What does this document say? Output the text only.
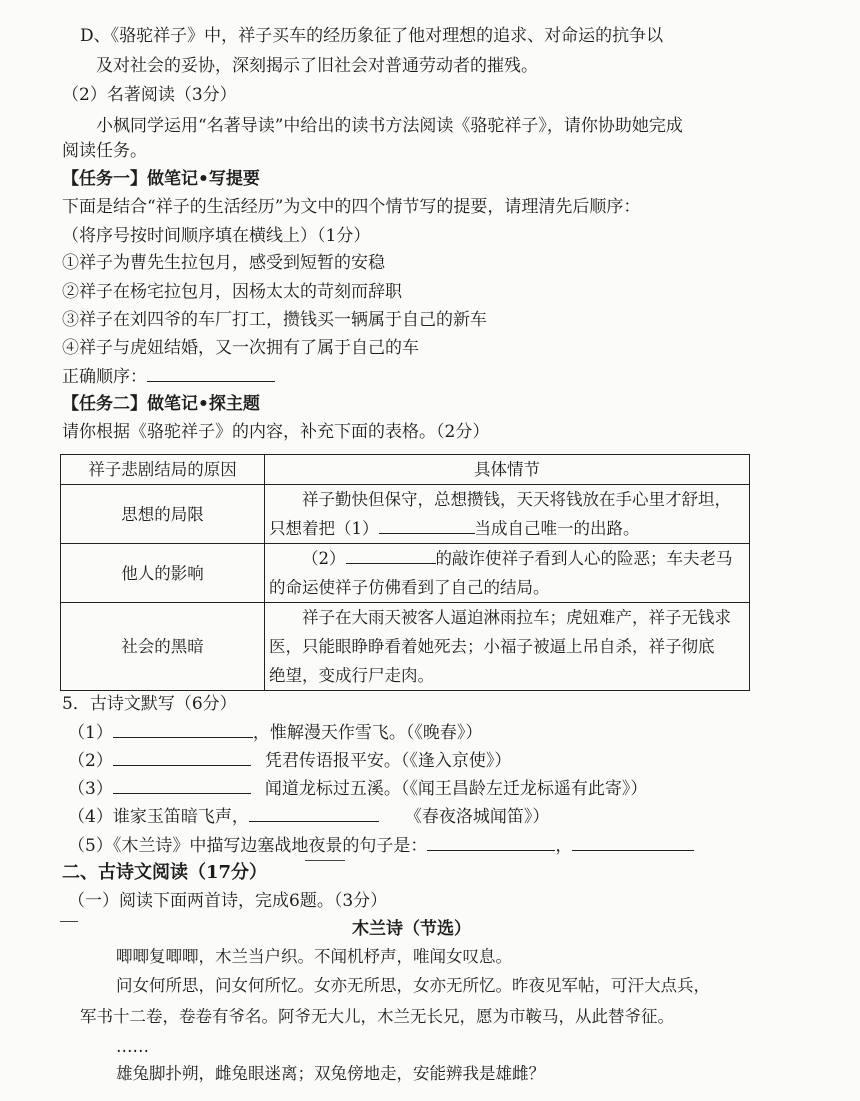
D、《骆驼祥子》中，祥子买车的经历象征了他对理想的追求、对命运的抗争以
及对社会的妥协，深刻揭示了旧社会对普通劳动者的摧残。
（2）名著阅读（3分）
小枫同学运用“名著导读”中给出的读书方法阅读《骆驼祥子》，请你协助她完成
阅读任务。
【任务一】做笔记•写提要
下面是结合“祥子的生活经历”为文中的四个情节写的提要，请理清先后顺序：
（将序号按时间顺序填在横线上）（1分）
①祥子为曹先生拉包月，感受到短暂的安稳
②祥子在杨宅拉包月，因杨太太的苛刻而辞职
③祥子在刘四爷的车厂打工，攒钱买一辆属于自己的新车
④祥子与虎妞结婚，又一次拥有了属于自己的车
正确顺序：
【任务二】做笔记•探主题
请你根据《骆驼祥子》的内容，补充下面的表格。（2分）
祥子悲剧结局的原因	具体情节
思想的局限	祥子勤快但保守，总想攒钱，天天将钱放在手心里才舒坦，
只想着把（1） 当成自己唯一的出路。

他人的影响	（2） 的敲诈使祥子看到人心的险恶；车夫老马
的命运使祥子仿佛看到了自己的结局。

社会的黑暗	祥子在大雨天被客人逼迫淋雨拉车；虎妞难产，祥子无钱求
医，只能眼睁睁看着她死去；小福子被逼上吊自杀，祥子彻底
绝望，变成行尸走肉。
5．古诗文默写（6分）
（1）	，惟解漫天作雪飞。（《晚春》）
（2）	凭君传语报平安。（《逢入京使》）
（3）	闻道龙标过五溪。（《闻王昌龄左迁龙标遥有此寄》）
（4）谁家玉笛暗飞声，	《春夜洛城闻笛》）
（5）《木兰诗》中描写边塞战地夜景的句子是：	，
二、古诗文阅读（17分）
（一）阅读下面两首诗，完成6题。（3分）
木兰诗（节选）
唧唧复唧唧，木兰当户织。不闻机杼声，唯闻女叹息。
问女何所思，问女何所忆。女亦无所思，女亦无所忆。昨夜见军帖，可汗大点兵，
军书十二卷，卷卷有爷名。阿爷无大儿，木兰无长兄，愿为市鞍马，从此替爷征。
……
雄兔脚扑朔，雌兔眼迷离；双兔傍地走，安能辨我是雄雌？
